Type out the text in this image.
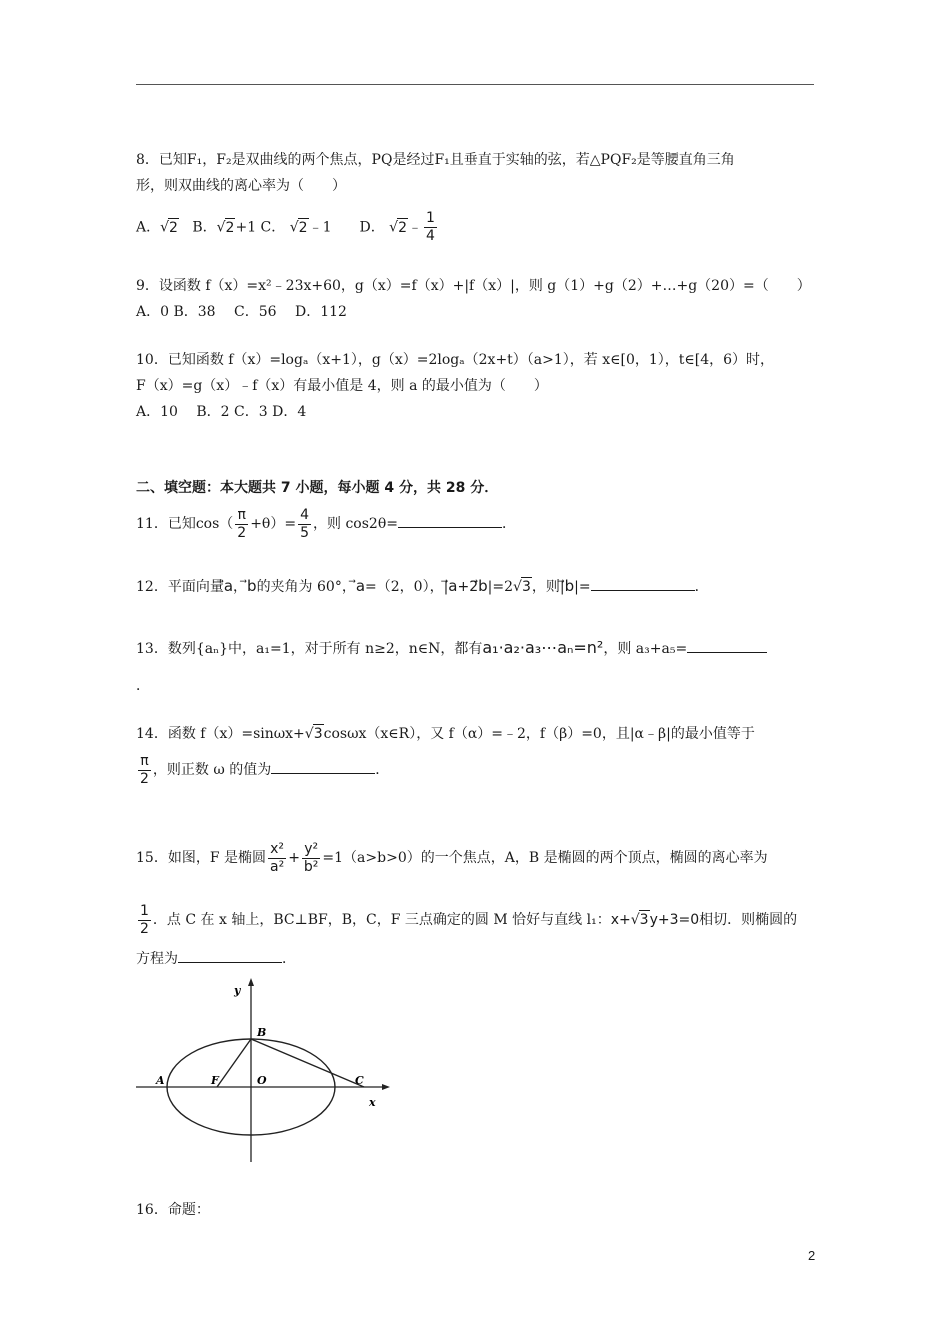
8．已知F₁，F₂是双曲线的两个焦点，PQ是经过F₁且垂直于实轴的弦，若△PQF₂是等腰直角三角
形，则双曲线的离心率为（　　）
A．√2 B．√2+1 C． √2﹣1　　D． √2﹣ $\frac{1}{4}$
9．设函数 f（x）=x²﹣23x+60，g（x）=f（x）+|f（x）|，则 g（1）+g（2）+…+g（20）=（　　）
A．0 B．38　 C．56　 D．112
10．已知函数 f（x）=logₐ（x+1），g（x）=2logₐ（2x+t）（a>1），若 x∈[0，1），t∈[4，6）时，
F（x）=g（x）﹣f（x）有最小值是 4，则 a 的最小值为（　　）
A．10　 B．2 C．3 D．4
二、填空题：本大题共 7 小题，每小题 4 分，共 28 分．
11．已知$\cos( \frac{\pi}{2} +\theta)= \frac{4}{5}$ ，则 cos2θ=	．
12．平面向量a，b的夹角为 60°，a=（2，0），|a+2b|=2√3，则|b|=	．
13．数列{aₙ}中，a₁=1，对于所有 n≥2，n∈N，都有a₁·a₂·a₃⋯aₙ=n²，则 a₃+a₅=
．
14．函数 f（x）=sinωx+√3cosωx（x∈R），又 f（α）=﹣2，f（β）=0，且|α﹣β|的最小值等于
$\frac{\pi}{2}$ ，则正数 ω 的值为	．
15．如图，F 是椭圆 $\frac{\text{x²}}{\text{a²}} + \frac{\text{y²}}{\text{b²}} =1(a>b>0)$的一个焦点，A，B 是椭圆的两个顶点，椭圆的离心率为
$\frac{1}{2}$ ．点 C 在 x 轴上，BC⊥BF，B，C，F 三点确定的圆 M 恰好与直线 l₁：x+√3y+3=0相切．则椭圆的
方程为	．
y
x
A	F	O
B
C
16．命题：
2
